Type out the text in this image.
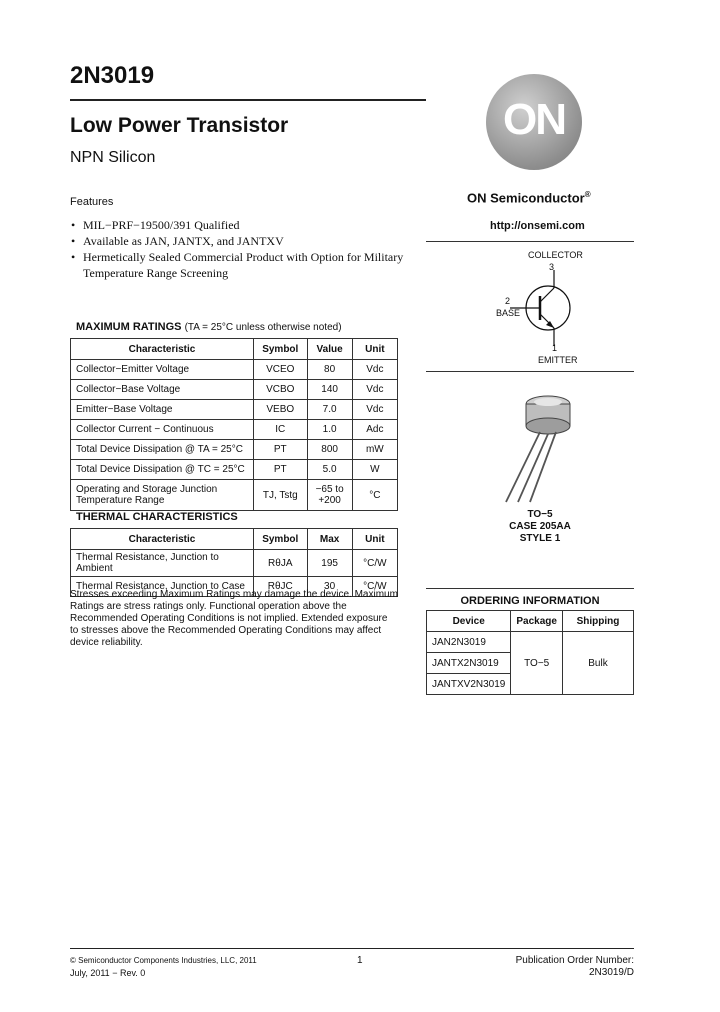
2N3019
Low Power Transistor
NPN Silicon
Features
• MIL−PRF−19500/391 Qualified
• Available as JAN, JANTX, and JANTXV
• Hermetically Sealed Commercial Product with Option for Military Temperature Range Screening
MAXIMUM RATINGS (TA = 25°C unless otherwise noted)
Characteristic	Symbol	Value	Unit
Collector−Emitter Voltage	VCEO	80	Vdc
Collector−Base Voltage	VCBO	140	Vdc
Emitter−Base Voltage	VEBO	7.0	Vdc
Collector Current − Continuous	IC	1.0	Adc
Total Device Dissipation @ TA = 25°C	PT	800	mW
Total Device Dissipation @ TC = 25°C	PT	5.0	W
Operating and Storage Junction Temperature Range	TJ, Tstg	−65 to +200	°C
THERMAL CHARACTERISTICS
Characteristic	Symbol	Max	Unit
Thermal Resistance, Junction to Ambient	RθJA	195	°C/W
Thermal Resistance, Junction to Case	RθJC	30	°C/W
Stresses exceeding Maximum Ratings may damage the device. Maximum Ratings are stress ratings only. Functional operation above the Recommended Operating Conditions is not implied. Extended exposure to stresses above the Recommended Operating Conditions may affect device reliability.
ON
ON Semiconductor®
http://onsemi.com
COLLECTOR
3
2
BASE
1
EMITTER
TO−5
CASE 205AA
STYLE 1
ORDERING INFORMATION
Device	Package	Shipping
JAN2N3019	TO−5	Bulk
JANTX2N3019		
JANTXV2N3019		
© Semiconductor Components Industries, LLC, 2011
July, 2011 − Rev. 0
1	Publication Order Number:
2N3019/D
